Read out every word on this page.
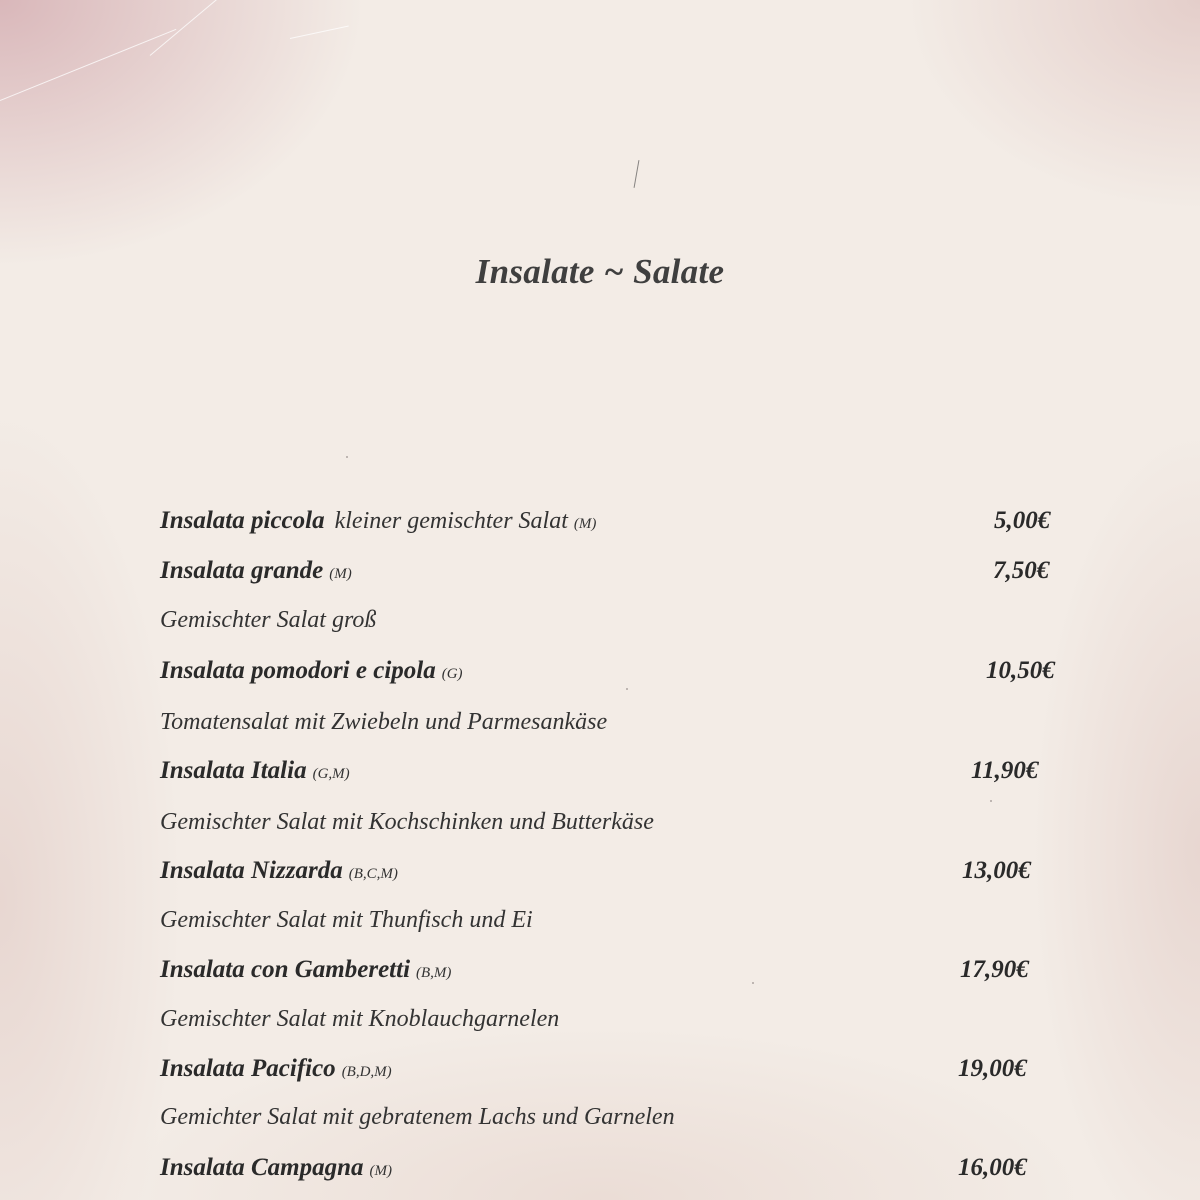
Insalate ~ Salate
Insalata piccola kleiner gemischter Salat (M)	5,00€
Insalata grande (M)	7,50€
Gemischter Salat groß
Insalata pomodori e cipola (G)	10,50€
Tomatensalat mit Zwiebeln und Parmesankäse
Insalata Italia (G,M)	11,90€
Gemischter Salat mit Kochschinken und Butterkäse
Insalata Nizzarda (B,C,M)	13,00€
Gemischter Salat mit Thunfisch und Ei
Insalata con Gamberetti (B,M)	17,90€
Gemischter Salat mit Knoblauchgarnelen
Insalata Pacifico (B,D,M)	19,00€
Gemichter Salat mit gebratenem Lachs und Garnelen
Insalata Campagna (M)	16,00€
